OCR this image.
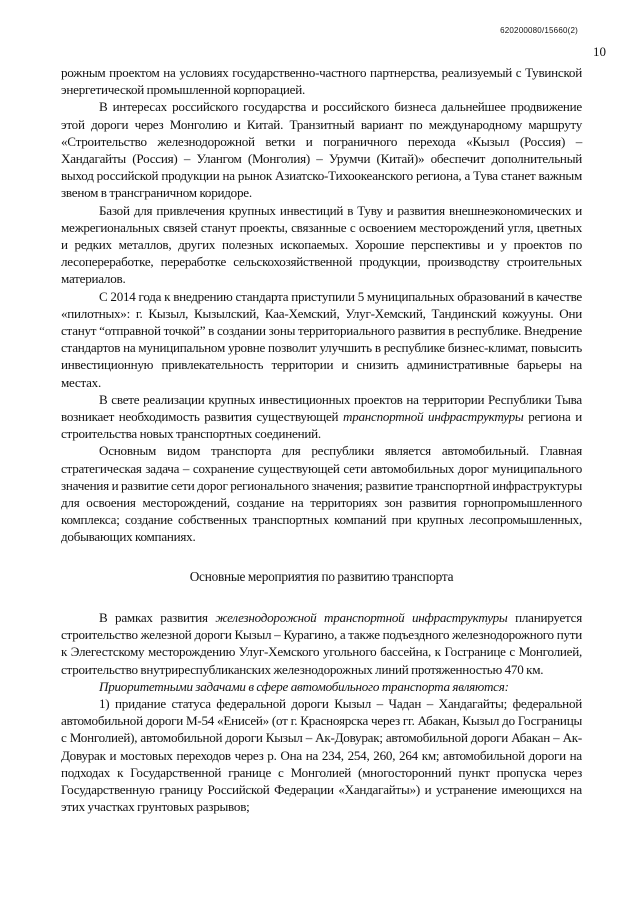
620200080/15660(2)
10

рожным проектом на условиях государственно-частного партнерства, реализуемый с Тувинской энергетической промышленной корпорацией.

В интересах российского государства и российского бизнеса дальнейшее продвижение этой дороги через Монголию и Китай. Транзитный вариант по международному маршруту «Строительство железнодорожной ветки и пограничного перехода «Кызыл (Россия) – Хандагайты (Россия) – Улангом (Монголия) – Урумчи (Китай)» обеспечит дополнительный выход российской продукции на рынок Азиатско-Тихоокеанского региона, а Тува станет важным звеном в трансграничном коридоре.

Базой для привлечения крупных инвестиций в Туву и развития внешнеэкономических и межрегиональных связей станут проекты, связанные с освоением месторождений угля, цветных и редких металлов, других полезных ископаемых. Хорошие перспективы и у проектов по лесопереработке, переработке сельскохозяйственной продукции, производству строительных материалов.

С 2014 года к внедрению стандарта приступили 5 муниципальных образований в качестве «пилотных»: г. Кызыл, Кызылский, Каа-Хемский, Улуг-Хемский, Тандинский кожууны. Они станут “отправной точкой” в создании зоны территориального развития в республике. Внедрение стандартов на муниципальном уровне позволит улучшить в республике бизнес-климат, повысить инвестиционную привлекательность территории и снизить административные барьеры на местах.

В свете реализации крупных инвестиционных проектов на территории Республики Тыва возникает необходимость развития существующей транспортной инфраструктуры региона и строительства новых транспортных соединений.

Основным видом транспорта для республики является автомобильный. Главная стратегическая задача – сохранение существующей сети автомобильных дорог муниципального значения и развитие сети дорог регионального значения; развитие транспортной инфраструктуры для освоения месторождений, создание на территориях зон развития горнопромышленного комплекса; создание собственных транспортных компаний при крупных лесопромышленных, добывающих компаниях.

Основные мероприятия по развитию транспорта

В рамках развития железнодорожной транспортной инфраструктуры планируется строительство железной дороги Кызыл – Курагино, а также подъездного железнодорожного пути к Элегестскому месторождению Улуг-Хемского угольного бассейна, к Госгранице с Монголией, строительство внутриреспубликанских железнодорожных линий протяженностью 470 км.

Приоритетными задачами в сфере автомобильного транспорта являются:

1) придание статуса федеральной дороги Кызыл – Чадан – Хандагайты; федеральной автомобильной дороги М-54 «Енисей» (от г. Красноярска через гг. Абакан, Кызыл до Госграницы с Монголией), автомобильной дороги Кызыл – Ак-Довурак; автомобильной дороги Абакан – Ак-Довурак и мостовых переходов через р. Она на 234, 254, 260, 264 км; автомобильной дороги на подходах к Государственной границе с Монголией (многосторонний пункт пропуска через Государственную границу Российской Федерации «Хандагайты») и устранение имеющихся на этих участках грунтовых разрывов;
